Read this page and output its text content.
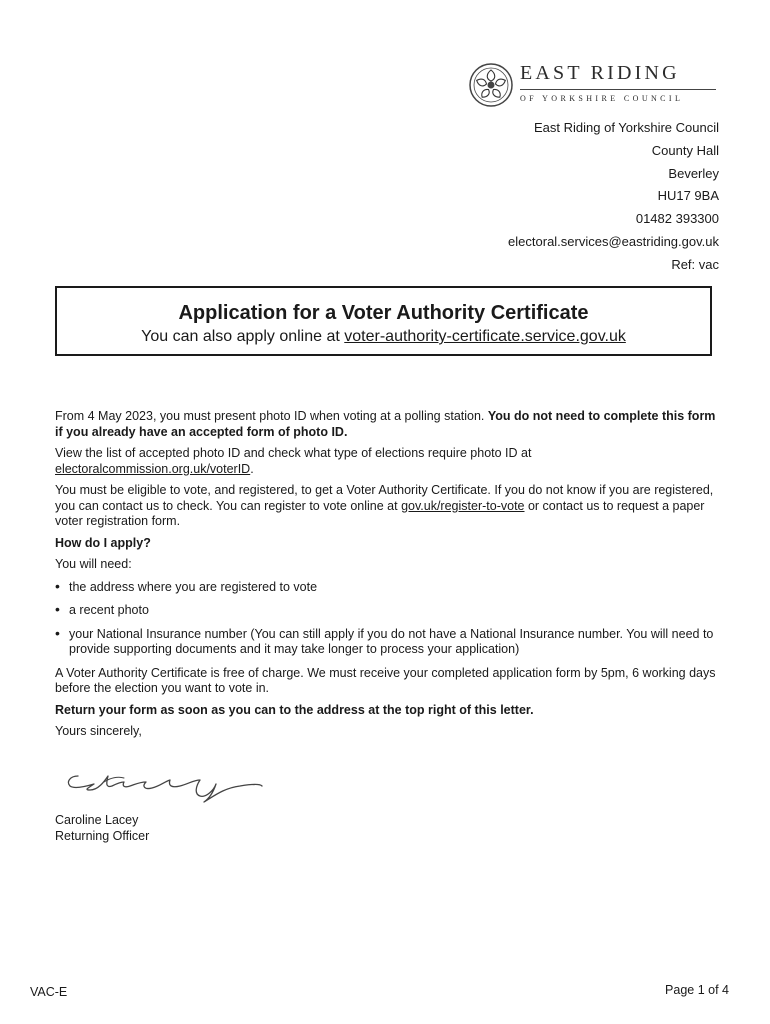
EAST RIDING
OF YORKSHIRE COUNCIL
East Riding of Yorkshire Council
County Hall
Beverley
HU17 9BA
01482 393300
electoral.services@eastriding.gov.uk
Ref: vac
Application for a Voter Authority Certificate
You can also apply online at voter-authority-certificate.service.gov.uk

From 4 May 2023, you must present photo ID when voting at a polling station. You do not need to complete this form if you already have an accepted form of photo ID.

View the list of accepted photo ID and check what type of elections require photo ID at electoralcommission.org.uk/voterID.

You must be eligible to vote, and registered, to get a Voter Authority Certificate. If you do not know if you are registered, you can contact us to check. You can register to vote online at gov.uk/register-to-vote or contact us to request a paper voter registration form.

How do I apply?

You will need:

• the address where you are registered to vote
• a recent photo
• your National Insurance number (You can still apply if you do not have a National Insurance number. You will need to provide supporting documents and it may take longer to process your application)

A Voter Authority Certificate is free of charge. We must receive your completed application form by 5pm, 6 working days before the election you want to vote in.

Return your form as soon as you can to the address at the top right of this letter.

Yours sincerely,

Caroline Lacey
Returning Officer
VAC-E	Page 1 of 4
